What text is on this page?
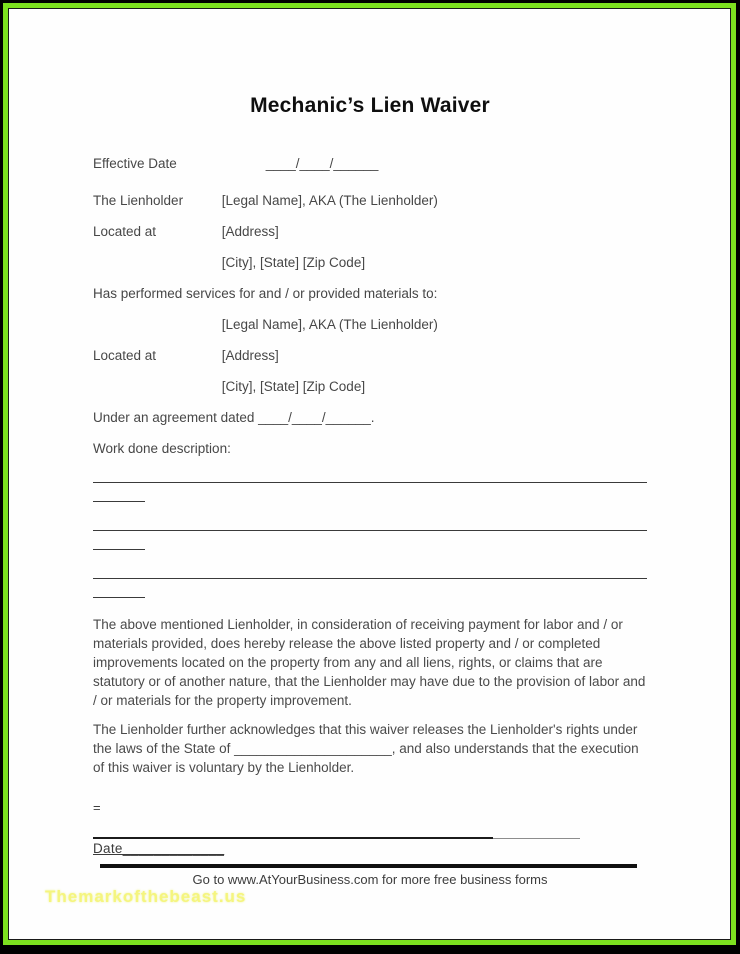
Mechanic’s Lien Waiver
Effective Date	____/____/______
The Lienholder	[Legal Name], AKA (The Lienholder)
Located at	[Address]
[City], [State] [Zip Code]
Has performed services for and / or provided materials to:
[Legal Name], AKA (The Lienholder)
Located at	[Address]
[City], [State] [Zip Code]
Under an agreement dated ____/____/______.
Work done description:
The above mentioned Lienholder, in consideration of receiving payment for labor and / or materials provided, does hereby release the above listed property and / or completed improvements located on the property from any and all liens, rights, or claims that are statutory or of another nature, that the Lienholder may have due to the provision of labor and / or materials for the property improvement.
The Lienholder further acknowledges that this waiver releases the Lienholder's rights under the laws of the State of _____________________, and also understands that the execution of this waiver is voluntary by the Lienholder.
=
Date_____________
Go to www.AtYourBusiness.com for more free business forms
Themarkofthebeast.us
